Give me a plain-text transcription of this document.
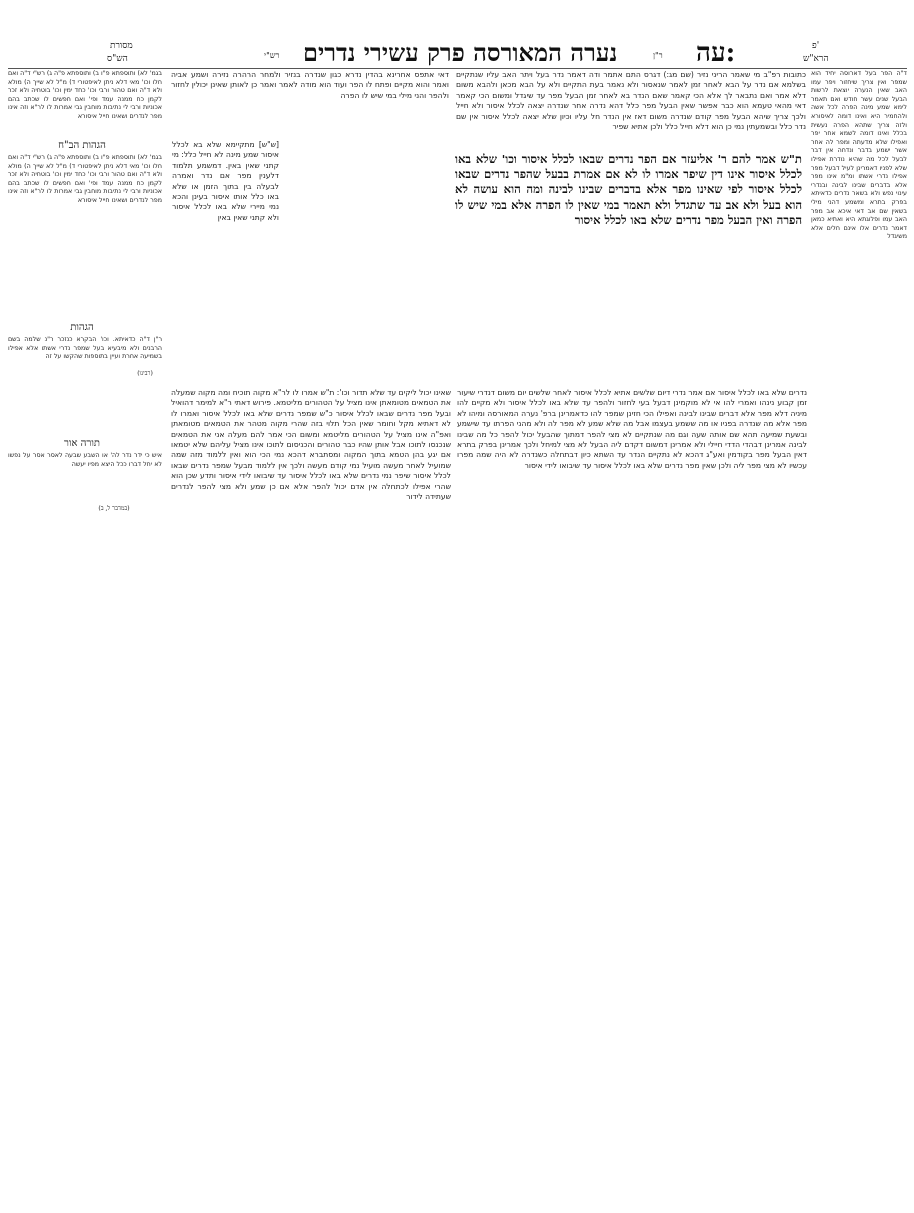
פ'
הרא"ש
עה:
ר"ן
נערה המאורסה פרק עשירי נדרים
רש"י
מסורת
הש"ס

ד"ה הפר בעל דארוסה יחיד הוא שמפר ואין צריך שיחזור ויפר עמו האב שאין הנערה יוצאת לרשות הבעל שנים עשר חודש ואם תאמר לימא שמע מינה הפרה לכל אשה ולהחמיר היא ואינו דומה לאיסורא ולזה צריך שתהא הפרה נעשית בכלל ואינו דומה לשמא אחר יפר ואפילו שלא מדעתה ומפר לה אחר אשר ישמע בדבר ונדחה אין דבר לבעל לכל מה שהיא נודרת אפילו שלא לפניו דאמרינן לעיל דבעל מפר אפילו נדרי אשתו ומ"מ אינו מפר אלא בדברים שבינו לבינה ובנדרי עינוי נפש ולא בשאר נדרים כדאיתא בפרק בתרא ומשמע דהני מילי בשאין שם אב דאי איכא אב מפר האב עמו ופלוגתא היא ואתיא כמאן דאמר נדרים אלו אינם חלים אלא משיגדל

כתובות רפ"ב מי שאמר הריני נזיר (שם מג:) דגרס התם אתמר ודה דאמר נדר בעל ויתר האב עליו שנתקיים בשלמא אם נדר על הבא לאחר זמן לאמר שנאסור ולא נאמר בעת התקיים ולא על הבא מכאן ולהבא משום דלא אמר ואם נתבאר לך אלא הכי קאמר שאם הנדר בא לאחר זמן הבעל מפר עד שיגדל ומשום הכי קאמר דאי מהאי טעמא הוא כבר אפשר שאין הבעל מפר כלל דהא נדרה אחר שנדרה יצאה לכלל איסור ולא חייל ולכך צריך שיהא הבעל מפר קודם שנדרה משום דאז אין הנדר חל עליו וכיון שלא יצאה לכלל איסור אין שם נדר כלל ובשמעתין נמי כן הוא דלא חייל כלל ולכן אתיא שפיר

ת"ש אמר להם ר' אליעזר אם הפר נדרים שבאו לכלל איסור וכו' שלא באו לכלל איסור אינו דין שיפר אמרו לו לא אם אמרת בבעל שהפר נדרים שבאו לכלל איסור לפי שאינו מפר אלא בדברים שבינו לבינה ומה הוא עושה לא הוא בעל ולא אב עד שתגדל ולא תאמר במי שאין לו הפרה אלא במי שיש לו הפרה ואין הבעל מפר נדרים שלא באו לכלל איסור

דאי אתפס אחרינא בהדין נדרא כגון שנדרה בנזיר ולמחר הרהרה נזירה ושמע אביה ואמר והוא מקיים ופתח לו הפר ועוד הוא מודה לאמר ואמר כן לאותן שאינן יכולין לחזור ולהפר והני מילי במי שיש לו הפרה

[ש"ש] מתקיימא שלא בא לכלל איסור שמע מינה לא חייל כלל: מי קתני שאין באין. דמשמע תלמוד דלענין מפר אם נדר ואמרה לבעלה בין בתוך הזמן או שלא באו כלל אותו איסור בעינן והכא נמי מיירי שלא באו לכלל איסור ולא קתני שאין באין

נדרים שלא באו לכלל איסור אם אמר נדרי דיום שלשים אתיא לכלל איסור לאחר שלשים יום משום דנדרי שיעור זמן קבוע נינהו ואמרי להו אי לא מוקמינן דבעל בעי לחזור ולהפר עד שלא באו לכלל איסור ולא מקיים להו מיניה דלא מפר אלא דברים שבינו לבינה ואפילו הכי חזינן שמפר להו כדאמרינן ברפ' נערה המאורסה ומיהו לא מפר אלא מה שנדרה בפניו או מה ששמע בעצמו אבל מה שלא שמע לא מפר לה ולא מהני הפרתו עד שישמע ובשעת שמיעה תהא שם אותה שעה וגם מה שנתקיים לא מצי להפר דמתוך שהבעל יכול להפר כל מה שבינו לבינה אמרינן דבהדי הדדי חיילי ולא אמרינן דמשום דקדם ליה הבעל לא מצי למיחל ולכך אמרינן בפרק בתרא דאין הבעל מפר בקודמין ואע"ג דהכא לא נתקיים הנדר עד השתא כיון דבתחלה כשנדרה לא היה שמה מפרו עכשיו לא מצי מפר ליה ולכן שאין מפר נדרים שלא באו לכלל איסור עד שיבואו לידי איסור

שאינו יכול ליקים עד שלא תדור וכו': ת"ש אמרו לו לר"א מקוה תוכיח ומה מקוה שמעלה את הטמאים מטומאתן אינו מציל על הטהורים מליטמא. פירוש דאתי ר"א למימר דהואיל ובעל מפר נדרים שבאו לכלל איסור כ"ש שמפר נדרים שלא באו לכלל איסור ואמרו לו לא דאתיא מקל וחומר שאין הכל תלוי בזה שהרי מקוה מטהר את הטמאים מטומאתן ואפ"ה אינו מציל על הטהורים מליטמא ומשום הכי אמר להם מעלה אני את הטמאים שנכנסו לתוכו אבל אותן שהיו כבר טהורים והכניסום לתוכו אינו מציל עליהם שלא יטמאו אם יגע בהן הטמא בתוך המקוה ומסתברא דהכא נמי הכי הוא ואין ללמוד מזה שמה שמועיל לאחר מעשה מועיל נמי קודם מעשה ולכך אין ללמוד מבעל שמפר נדרים שבאו לכלל איסור שיפר נמי נדרים שלא באו לכלל איסור עד שיבואו לידי איסור ותדע שכן הוא שהרי אפילו לכתחלה אין אדם יכול להפר אלא אם כן שמע ולא מצי להפר לנדרים שעתידה לידור

בגמ' לא) ותוספתא פ"ו ב) ותוספתא פ"ה ג) רש"י ד"ה ואם חלו וכו' מאי דלא ניתן לאיפטורי ד) מ"ל לא שייך ה) מולא ולא ד"ה ואם טהור ורבי וכו' כחד ימין וכו' בוטחיה ולא זכר לקמן כח ממנה עמד ופי' ואם חפשים לו שכתב בהם אכוניות ורבי לי נתיבות מוחבין גבי אמרות לו לר"א וזה אינו מפר לנדרים ושאינו חייל איסורא

הגהות הב"ח

בגמ' לא) ותוספתא פ"ו ב) ותוספתא פ"ה ג) רש"י ד"ה ואם חלו וכו' מאי דלא ניתן לאיפטורי ד) מ"ל לא שייך ה) מולא ולא ד"ה ואם טהור ורבי וכו' כחד ימין וכו' בוטחיה ולא זכר לקמן כח ממנה עמד ופי' ואם חפשים לו שכתב בהם אכוניות ורבי לי נתיבות מוחבין גבי אמרות לו לר"א וזה אינו מפר לנדרים ושאינו חייל איסורא

הגהות

ר"ן ד"ה כדאיתא. וכו' הבקרא כנזכר ר"נ שלמה בשם הרבנים ולא מיבעיא בעל שמפר נדרי אשתו אלא אפילו בשמיעה אחרת ועיין בתוספות שהקשו על זה

(רבינו)
תורה אור

איש כי ידר נדר לה' או השבע שבעה לאסר אסר על נפשו לא יחל דברו ככל היצא מפיו יעשה

(במדבר ל, ב)
